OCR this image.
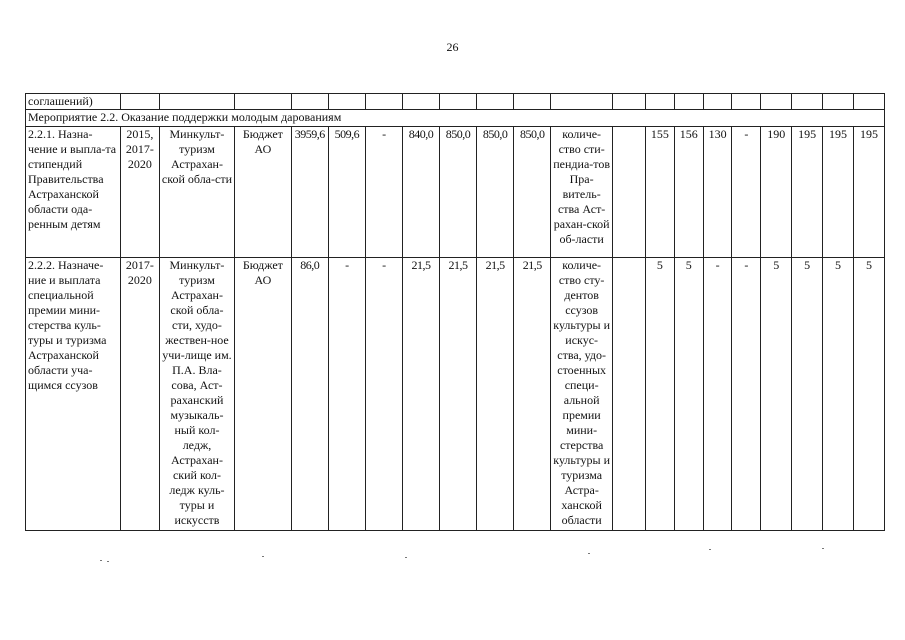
26
соглашений)																				
Мероприятие 2.2. Оказание поддержки молодым дарованиям																				
2.2.1. Назна-чение и выпла-та стипендий Правительства Астраханской области ода-ренным детям	2015, 2017-2020	Минкульт-туризм Астрахан-ской обла-сти	Бюджет АО	3959,6	509,6	-	840,0	850,0	850,0	850,0	количе-ство сти-пендиа-тов Пра-витель-ства Аст-рахан-ской об-ласти		155	156	130	-	190	195	195	195
2.2.2. Назначе-ние и выплата специальной премии мини-стерства куль-туры и туризма Астраханской области уча-щимся ссузов	2017-2020	Минкульт-туризм Астрахан-ской обла-сти, худо-жествен-ное учи-лище им. П.А. Вла-сова, Аст-раханский музыкаль-ный кол-ледж, Астрахан-ский кол-ледж куль-туры и искусств	Бюджет АО	86,0	-	-	21,5	21,5	21,5	21,5	количе-ство сту-дентов ссузов культуры и искус-ства, удо-стоенных специ-альной премии мини-стерства культуры и туризма Астра-ханской области		5	5	-	-	5	5	5	5
